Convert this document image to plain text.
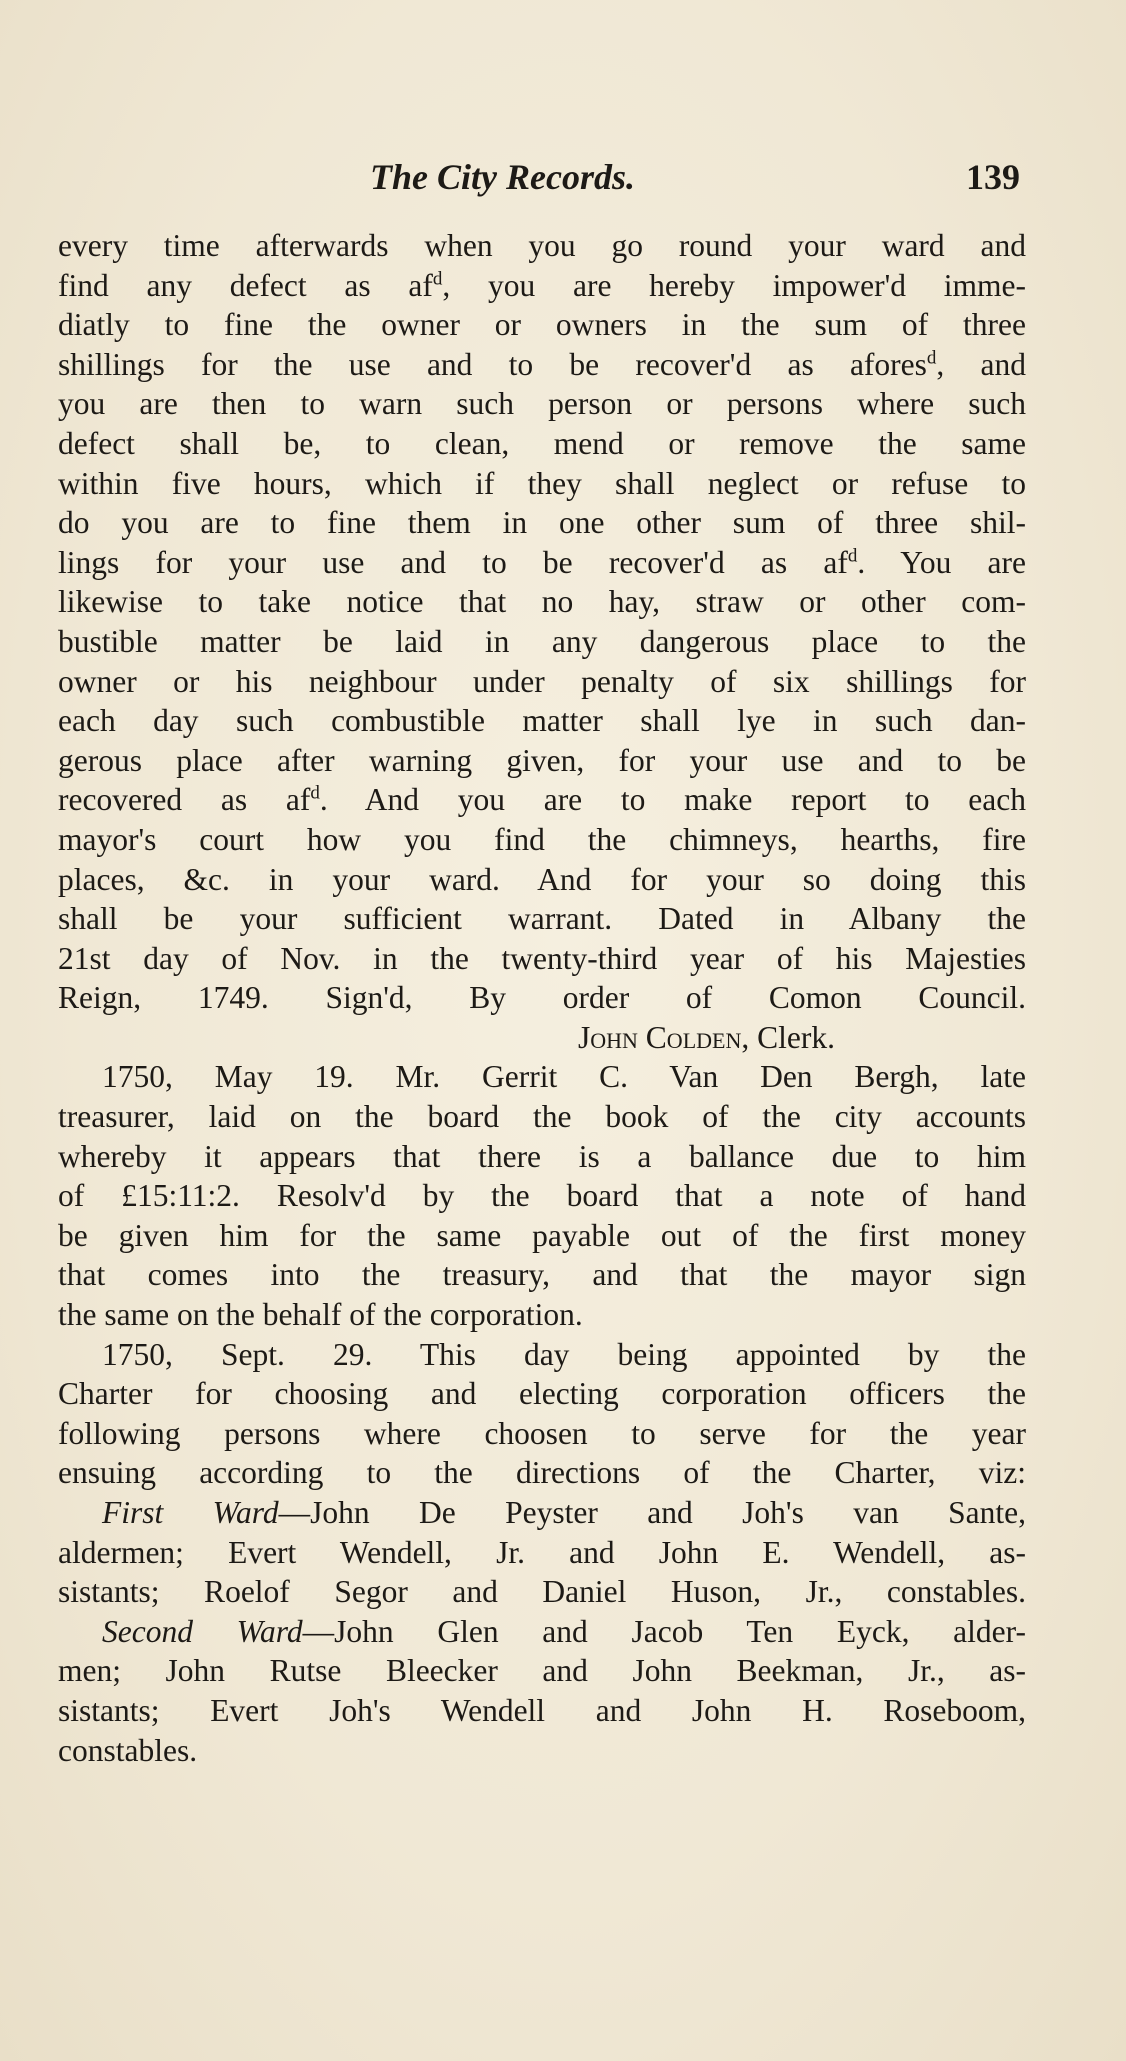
The City Records.	139
every time afterwards when you go round your ward and
find any defect as $af^d$, you are hereby impower'd imme-
diatly to fine the owner or owners in the sum of three
shillings for the use and to be recover'd as afores$^d$, and
you are then to warn such person or persons where such
defect shall be, to clean, mend or remove the same
within five hours, which if they shall neglect or refuse to
do you are to fine them in one other sum of three shil-
lings for your use and to be recover'd as $af^d$. You are
likewise to take notice that no hay, straw or other com-
bustible matter be laid in any dangerous place to the
owner or his neighbour under penalty of six shillings for
each day such combustible matter shall lye in such dan-
gerous place after warning given, for your use and to be
recovered as $af^d$. And you are to make report to each
mayor's court how you find the chimneys, hearths, fire
places, &c. in your ward. And for your so doing this
shall be your sufficient warrant. Dated in Albany the
21st day of Nov. in the twenty-third year of his Majesties
Reign, 1749. Sign'd, By order of Comon Council.
John Colden, Clerk.
1750, May 19. Mr. Gerrit C. Van Den Bergh, late
treasurer, laid on the board the book of the city accounts
whereby it appears that there is a ballance due to him
of £15:11:2. Resolv'd by the board that a note of hand
be given him for the same payable out of the first money
that comes into the treasury, and that the mayor sign
the same on the behalf of the corporation.
1750, Sept. 29. This day being appointed by the
Charter for choosing and electing corporation officers the
following persons where choosen to serve for the year
ensuing according to the directions of the Charter, viz:
First Ward—John De Peyster and Joh's van Sante,
aldermen; Evert Wendell, Jr. and John E. Wendell, as-
sistants; Roelof Segor and Daniel Huson, Jr., constables.
Second Ward—John Glen and Jacob Ten Eyck, alder-
men; John Rutse Bleecker and John Beekman, Jr., as-
sistants; Evert Joh's Wendell and John H. Roseboom,
constables.
